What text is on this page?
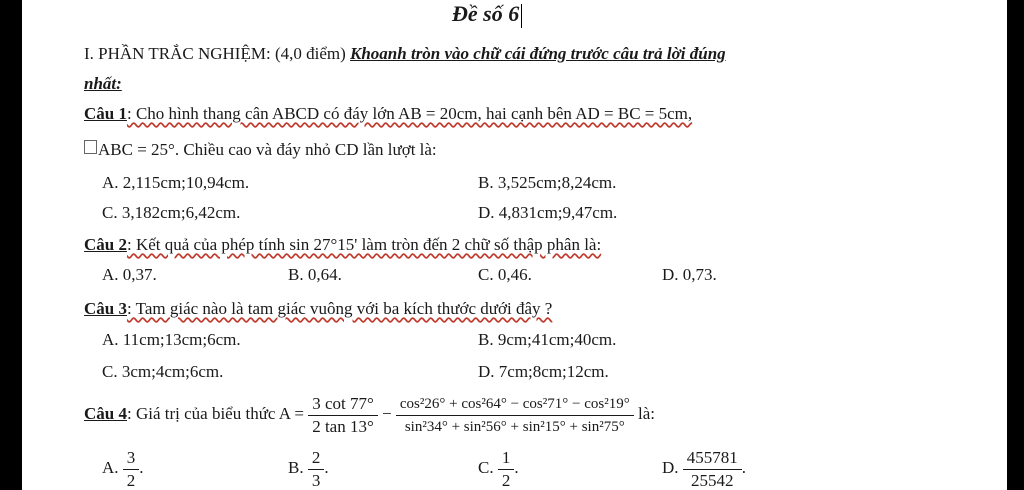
Đề số 6
I. PHẦN TRẮC NGHIỆM: (4,0 điểm) Khoanh tròn vào chữ cái đứng trước câu trả lời đúng
nhất:
Câu 1: Cho hình thang cân ABCD có đáy lớn AB = 20cm, hai cạnh bên AD = BC = 5cm,
ABC = 25°. Chiều cao và đáy nhỏ CD lần lượt là:
A. 2,115cm;10,94cm.	B. 3,525cm;8,24cm.
C. 3,182cm;6,42cm.	D. 4,831cm;9,47cm.
Câu 2: Kết quả của phép tính sin 27°15' làm tròn đến 2 chữ số thập phân là:
A. 0,37.	B. 0,64.	C. 0,46.	D. 0,73.
Câu 3: Tam giác nào là tam giác vuông với ba kích thước dưới đây ?
A. 11cm;13cm;6cm.	B. 9cm;41cm;40cm.
C. 3cm;4cm;6cm.	D. 7cm;8cm;12cm.
Câu 4: Giá trị của biểu thức $A = \frac{3 \cot 77^\circ}{2 \tan 13^\circ} - \frac{\text{cos²26° + cos²64° − cos²71° − cos²19°}}{\text{sin²34° + sin²56° + sin²15° + sin²75°}}$ là:
A. $\frac{3}{2}$ .	B. $\frac{2}{3}$ .	C. $\frac{1}{2}$ .	D. $\frac{455781}{25542}$ .
